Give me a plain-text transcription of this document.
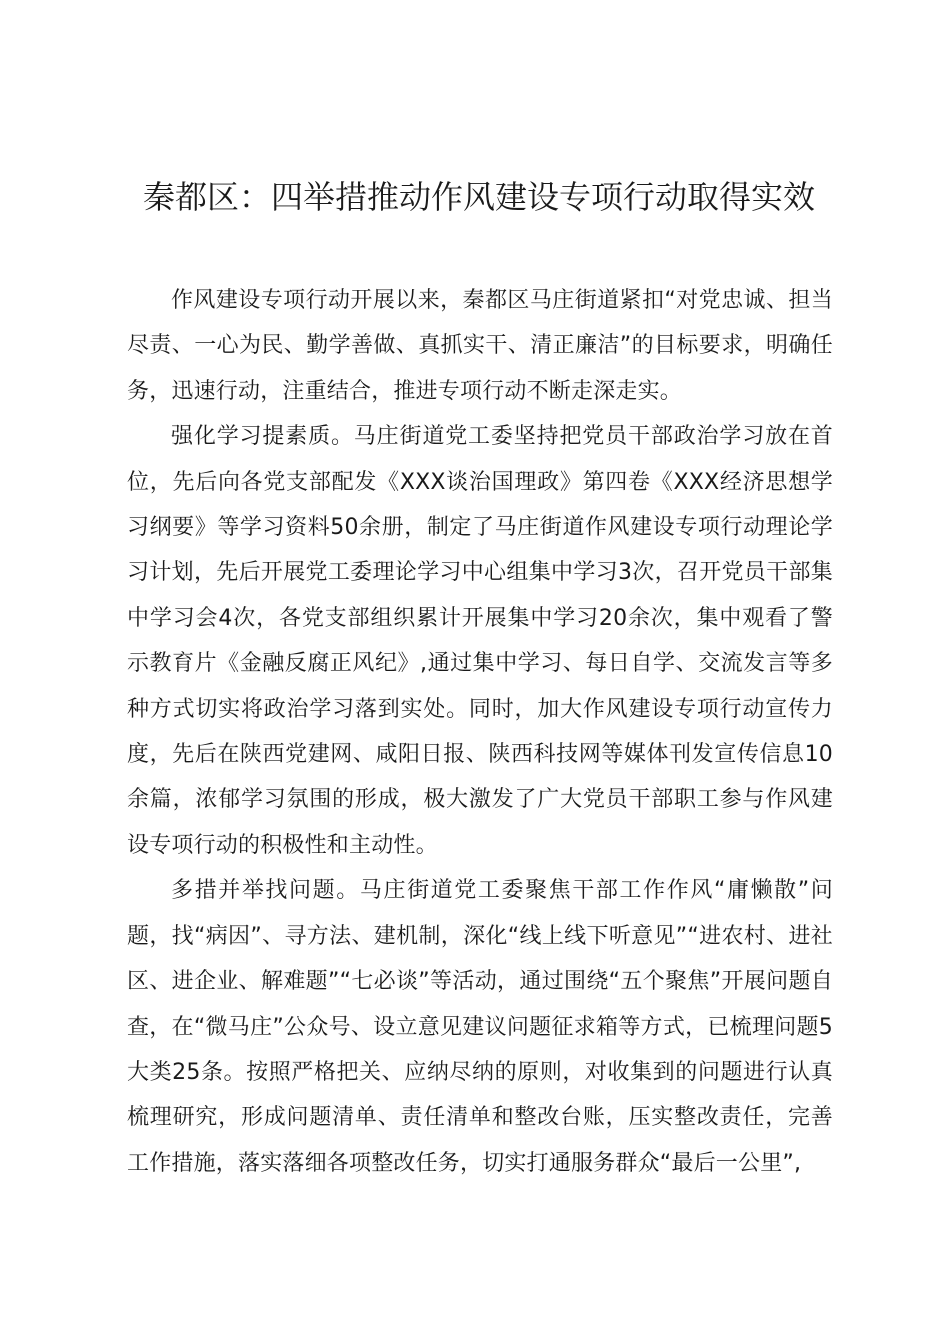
秦都区：四举措推动作风建设专项行动取得实效

作风建设专项行动开展以来，秦都区马庄街道紧扣“对党忠诚、担当尽责、一心为民、勤学善做、真抓实干、清正廉洁”的目标要求，明确任务，迅速行动，注重结合，推进专项行动不断走深走实。

强化学习提素质。马庄街道党工委坚持把党员干部政治学习放在首位，先后向各党支部配发《XXX谈治国理政》第四卷《XXX经济思想学习纲要》等学习资料50余册，制定了马庄街道作风建设专项行动理论学习计划，先后开展党工委理论学习中心组集中学习3次，召开党员干部集中学习会4次，各党支部组织累计开展集中学习20余次，集中观看了警示教育片《金融反腐正风纪》,通过集中学习、每日自学、交流发言等多种方式切实将政治学习落到实处。同时，加大作风建设专项行动宣传力度，先后在陕西党建网、咸阳日报、陕西科技网等媒体刊发宣传信息10余篇，浓郁学习氛围的形成，极大激发了广大党员干部职工参与作风建设专项行动的积极性和主动性。

多措并举找问题。马庄街道党工委聚焦干部工作作风“庸懒散”问题，找“病因”、寻方法、建机制，深化“线上线下听意见”“进农村、进社区、进企业、解难题”“七必谈”等活动，通过围绕“五个聚焦”开展问题自查，在“微马庄”公众号、设立意见建议问题征求箱等方式，已梳理问题5大类25条。按照严格把关、应纳尽纳的原则，对收集到的问题进行认真梳理研究，形成问题清单、责任清单和整改台账，压实整改责任，完善工作措施，落实落细各项整改任务，切实打通服务群众“最后一公里”,
